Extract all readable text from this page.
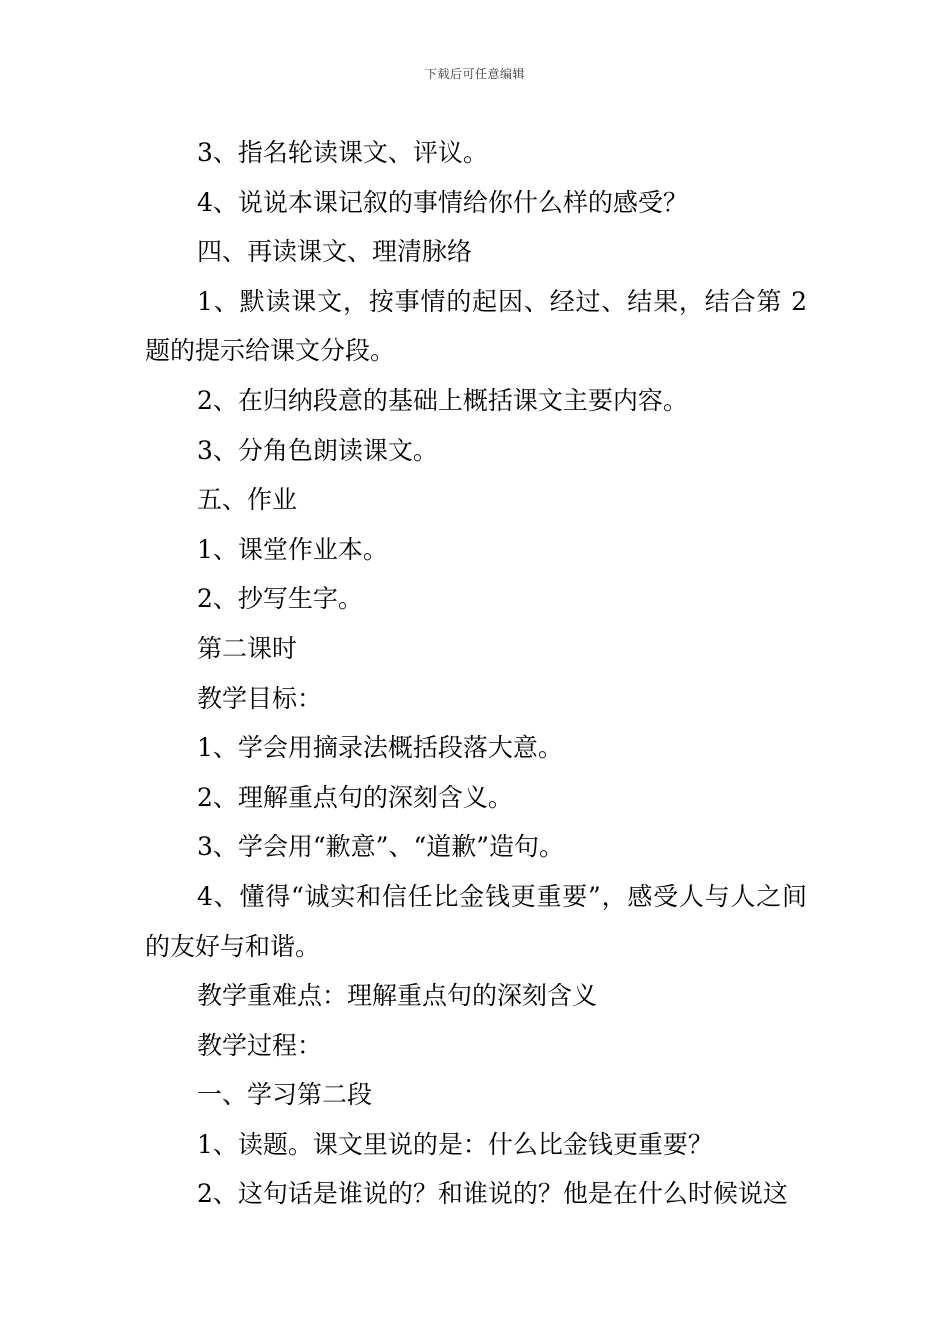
下载后可任意编辑

3、指名轮读课文、评议。

4、说说本课记叙的事情给你什么样的感受？

四、再读课文、理清脉络

1、默读课文，按事情的起因、经过、结果，结合第 2 题的提示给课文分段。

2、在归纳段意的基础上概括课文主要内容。

3、分角色朗读课文。

五、作业

1、课堂作业本。

2、抄写生字。

第二课时

教学目标：

1、学会用摘录法概括段落大意。

2、理解重点句的深刻含义。

3、学会用“歉意”、“道歉”造句。

4、懂得“诚实和信任比金钱更重要”，感受人与人之间的友好与和谐。

教学重难点：理解重点句的深刻含义

教学过程：

一、学习第二段

1、读题。课文里说的是：什么比金钱更重要？

2、这句话是谁说的？和谁说的？他是在什么时候说这
